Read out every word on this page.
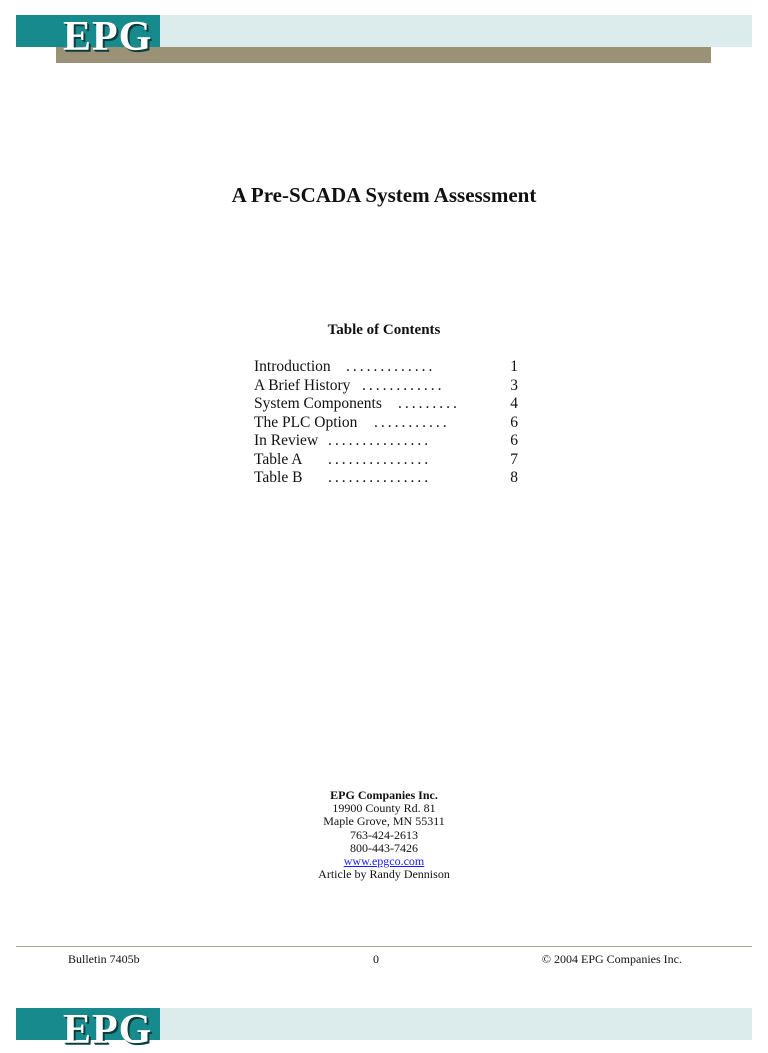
EPG
A Pre-SCADA System Assessment
Table of Contents
Introduction .............	1
A Brief History ............	3
System Components .........	4
The PLC Option ...........	6
In Review ...............	6
Table A ...............	7
Table B ...............	8
EPG Companies Inc.
19900 County Rd. 81
Maple Grove, MN 55311
763-424-2613
800-443-7426
www.epgco.com
Article by Randy Dennison
Bulletin 7405b	0	© 2004 EPG Companies Inc.
EPG
